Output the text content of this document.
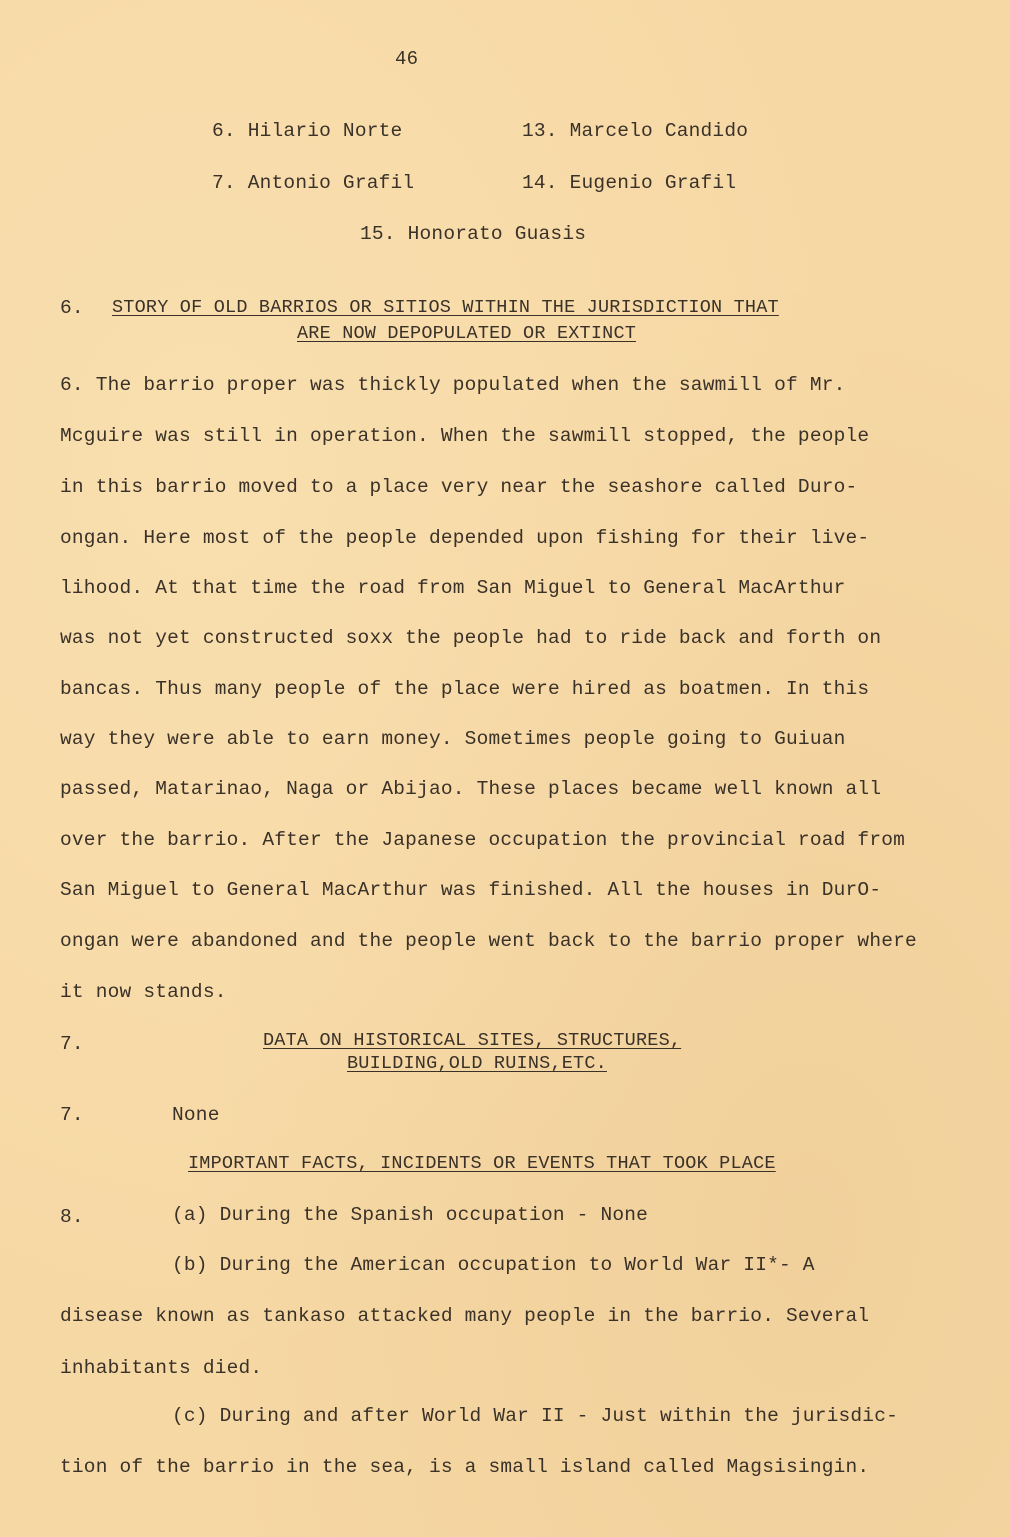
46
6. Hilario Norte	13. Marcelo Candido
7. Antonio Grafil	14. Eugenio Grafil
15. Honorato Guasis
6. STORY OF OLD BARRIOS OR SITIOS WITHIN THE JURISDICTION THAT
ARE NOW DEPOPULATED OR EXTINCT
6. The barrio proper was thickly populated when the sawmill of Mr.
Mcguire was still in operation. When the sawmill stopped, the people
in this barrio moved to a place very near the seashore called Duro-
ongan. Here most of the people depended upon fishing for their live-
lihood. At that time the road from San Miguel to General MacArthur
was not yet constructed soxx the people had to ride back and forth on
bancas. Thus many people of the place were hired as boatmen. In this
way they were able to earn money. Sometimes people going to Guiuan
passed, Matarinao, Naga or Abijao. These places became well known all
over the barrio. After the Japanese occupation the provincial road from
San Miguel to General MacArthur was finished. All the houses in DurO-
ongan were abandoned and the people went back to the barrio proper where
it now stands.
7.	DATA ON HISTORICAL SITES, STRUCTURES,
BUILDING,OLD RUINS,ETC.
7.	None
IMPORTANT FACTS, INCIDENTS OR EVENTS THAT TOOK PLACE
8.	(a) During the Spanish occupation - None
(b) During the American occupation to World War II*- A
disease known as tankaso attacked many people in the barrio. Several
inhabitants died.
(c) During and after World War II - Just within the jurisdic-
tion of the barrio in the sea, is a small island called Magsisingin.
